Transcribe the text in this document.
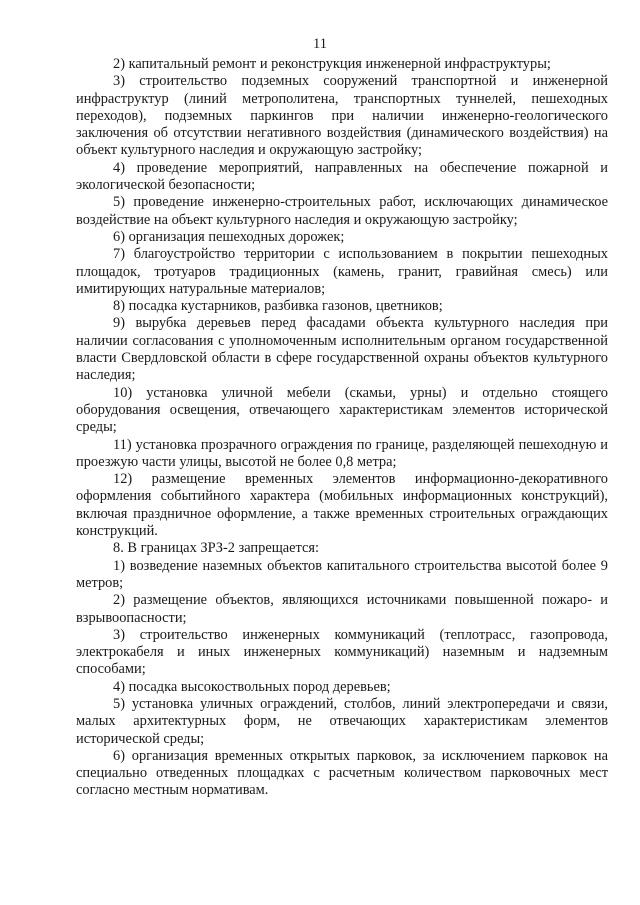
11

2) капитальный ремонт и реконструкция инженерной инфраструктуры;

3) строительство подземных сооружений транспортной и инженерной инфраструктур (линий метрополитена, транспортных туннелей, пешеходных переходов), подземных паркингов при наличии инженерно-геологического заключения об отсутствии негативного воздействия (динамического воздействия) на объект культурного наследия и окружающую застройку;

4) проведение мероприятий, направленных на обеспечение пожарной и экологической безопасности;

5) проведение инженерно-строительных работ, исключающих динамическое воздействие на объект культурного наследия и окружающую застройку;

6) организация пешеходных дорожек;

7) благоустройство территории с использованием в покрытии пешеходных площадок, тротуаров традиционных (камень, гранит, гравийная смесь) или имитирующих натуральные материалов;

8) посадка кустарников, разбивка газонов, цветников;

9) вырубка деревьев перед фасадами объекта культурного наследия при наличии согласования с уполномоченным исполнительным органом государственной власти Свердловской области в сфере государственной охраны объектов культурного наследия;

10) установка уличной мебели (скамьи, урны) и отдельно стоящего оборудования освещения, отвечающего характеристикам элементов исторической среды;

11) установка прозрачного ограждения по границе, разделяющей пешеходную и проезжую части улицы, высотой не более 0,8 метра;

12) размещение временных элементов информационно-декоративного оформления событийного характера (мобильных информационных конструкций), включая праздничное оформление, а также временных строительных ограждающих конструкций.

8. В границах ЗРЗ-2 запрещается:

1) возведение наземных объектов капитального строительства высотой более 9 метров;

2) размещение объектов, являющихся источниками повышенной пожаро- и взрывоопасности;

3) строительство инженерных коммуникаций (теплотрасс, газопровода, электрокабеля и иных инженерных коммуникаций) наземным и надземным способами;

4) посадка высокоствольных пород деревьев;

5) установка уличных ограждений, столбов, линий электропередачи и связи, малых архитектурных форм, не отвечающих характеристикам элементов исторической среды;

6) организация временных открытых парковок, за исключением парковок на специально отведенных площадках с расчетным количеством парковочных мест согласно местным нормативам.
